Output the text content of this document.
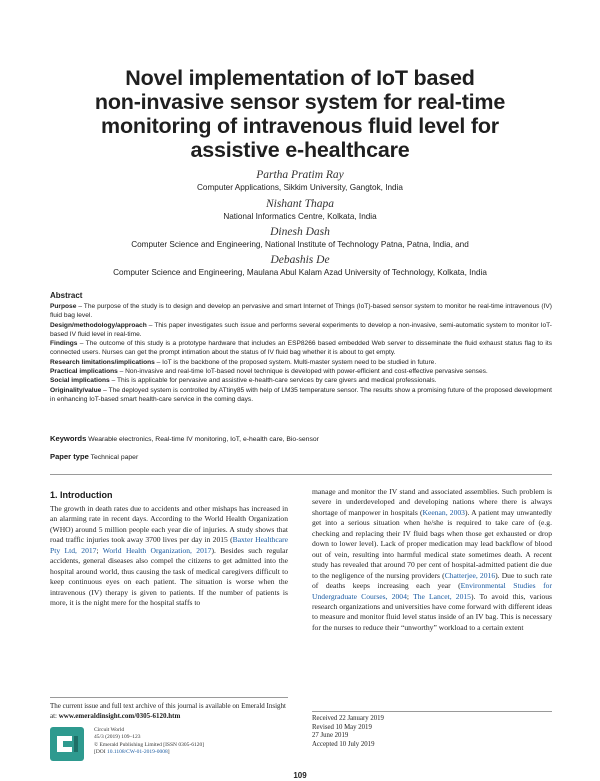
Novel implementation of IoT based
non-invasive sensor system for real-time
monitoring of intravenous fluid level for
assistive e-healthcare
Partha Pratim Ray
Computer Applications, Sikkim University, Gangtok, India
Nishant Thapa
National Informatics Centre, Kolkata, India
Dinesh Dash
Computer Science and Engineering, National Institute of Technology Patna, Patna, India, and
Debashis De
Computer Science and Engineering, Maulana Abul Kalam Azad University of Technology, Kolkata, India
Abstract

Purpose – The purpose of the study is to design and develop an pervasive and smart Internet of Things (IoT)-based sensor system to monitor he real-time intravenous (IV) fluid bag level.

Design/methodology/approach – This paper investigates such issue and performs several experiments to develop a non-invasive, semi-automatic system to monitor IoT-based IV fluid level in real-time.

Findings – The outcome of this study is a prototype hardware that includes an ESP8266 based embedded Web server to disseminate the fluid exhaust status flag to its connected users. Nurses can get the prompt intimation about the status of IV fluid bag whether it is about to get empty.

Research limitations/implications – IoT is the backbone of the proposed system. Multi-master system need to be studied in future.

Practical implications – Non-invasive and real-time IoT-based novel technique is developed with power-efficient and cost-effective pervasive senses.

Social implications – This is applicable for pervasive and assistive e-health-care services by care givers and medical professionals.

Originality/value – The deployed system is controlled by ATtiny85 with help of LM35 temperature sensor. The results show a promising future of the proposed development in enhancing IoT-based smart health-care service in the coming days.

Keywords Wearable electronics, Real-time IV monitoring, IoT, e-health care, Bio-sensor
Paper type Technical paper
1. Introduction

The growth in death rates due to accidents and other mishaps has increased in an alarming rate in recent days. According to the World Health Organization (WHO) around 5 million people each year die of injuries. A study shows that road traffic injuries took away 3700 lives per day in 2015 (Baxter Healthcare Pty Ltd, 2017; World Health Organization, 2017). Besides such regular accidents, general diseases also compel the citizens to get admitted into the hospital around world, thus causing the task of medical caregivers difficult to keep continuous eyes on each patient. The situation is worse when the intravenous (IV) therapy is given to patients. If the number of patients is more, it is the night mere for the hospital staffs to

manage and monitor the IV stand and associated assemblies. Such problem is severe in underdeveloped and developing nations where there is always shortage of manpower in hospitals (Keenan, 2003). A patient may unwantedly get into a serious situation when he/she is required to take care of (e.g. checking and replacing their IV fluid bags when those get exhausted or drop down to lower level). Lack of proper medication may lead backflow of blood out of vein, resulting into harmful medical state sometimes death. A recent study has revealed that around 70 per cent of hospital-admitted patient die due to the negligence of the nursing providers (Chatterjee, 2016). Due to such rate of deaths keeps increasing each year (Environmental Studies for Undergraduate Courses, 2004; The Lancet, 2015). To avoid this, various research organizations and universities have come forward with different ideas to measure and monitor fluid level status inside of an IV bag. This is necessary for the nurses to reduce their “unworthy” workload to a certain extent

The current issue and full text archive of this journal is available on Emerald Insight at: www.emeraldinsight.com/0305-6120.htm
Circuit World
45/3 (2019) 109–123
© Emerald Publishing Limited [ISSN 0305-6120]
[DOI 10.1108/CW-01-2019-0008]
Received 22 January 2019
Revised 10 May 2019
27 June 2019
Accepted 10 July 2019
109
